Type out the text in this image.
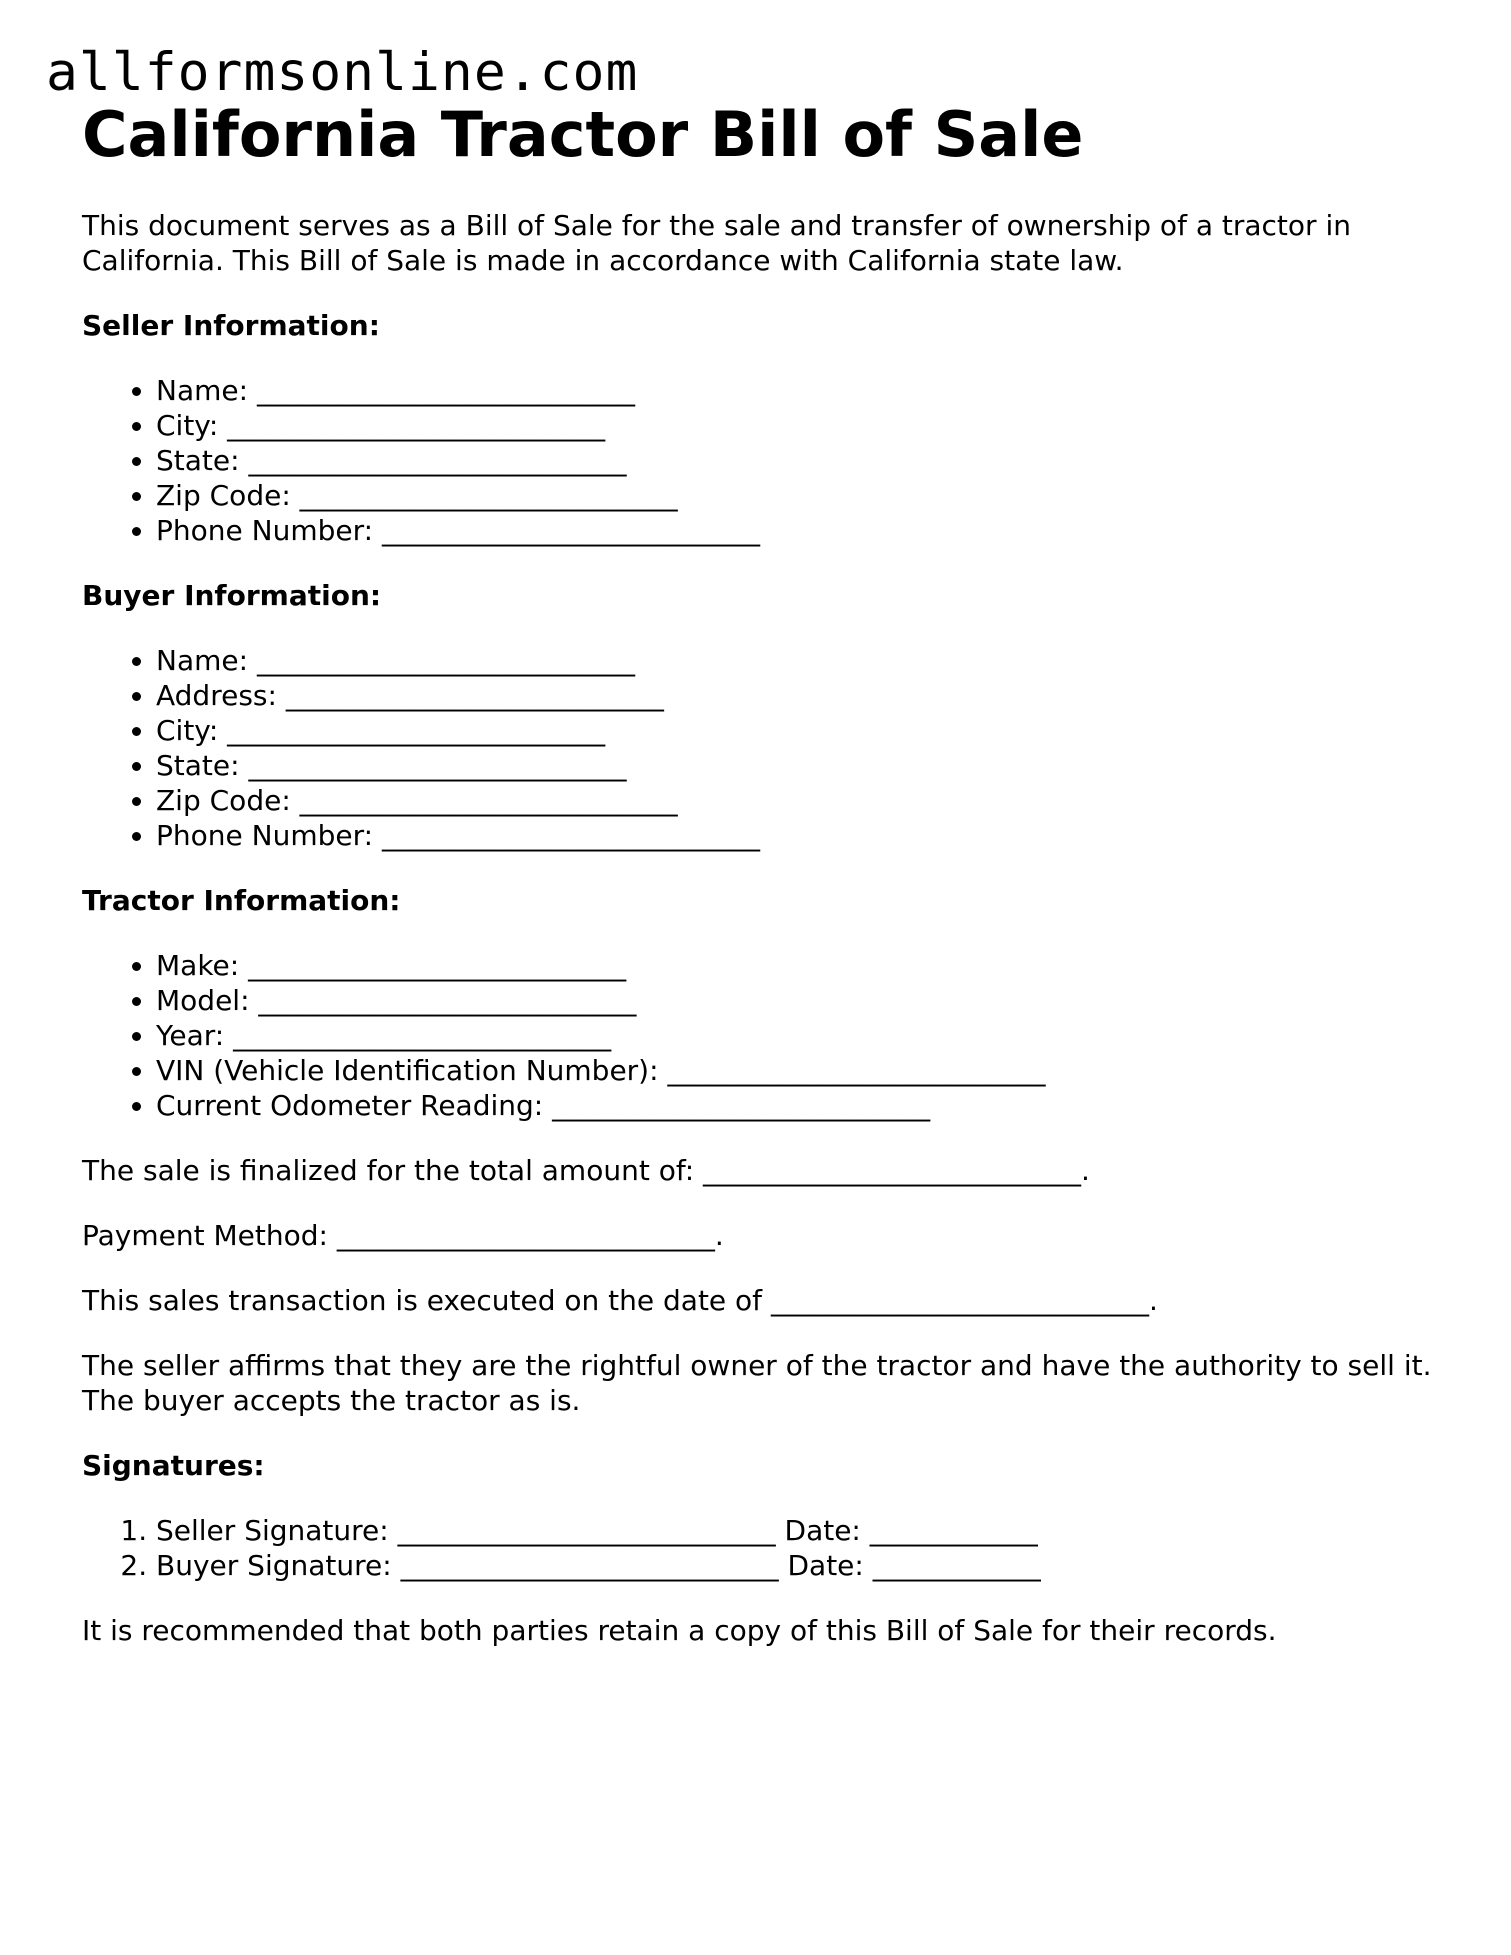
allformsonline.com
California Tractor Bill of Sale

This document serves as a Bill of Sale for the sale and transfer of ownership of a tractor in California. This Bill of Sale is made in accordance with California state law.

Seller Information:
• Name: ___________________________
• City: ___________________________
• State: ___________________________
• Zip Code: ___________________________
• Phone Number: ___________________________
Buyer Information:
• Name: ___________________________
• Address: ___________________________
• City: ___________________________
• State: ___________________________
• Zip Code: ___________________________
• Phone Number: ___________________________
Tractor Information:
• Make: ___________________________
• Model: ___________________________
• Year: ___________________________
• VIN (Vehicle Identification Number): ___________________________
• Current Odometer Reading: ___________________________

The sale is finalized for the total amount of: ___________________________.

Payment Method: ___________________________.

This sales transaction is executed on the date of ___________________________.

The seller affirms that they are the rightful owner of the tractor and have the authority to sell it. The buyer accepts the tractor as is.

Signatures:
1. Seller Signature: ___________________________ Date: ____________
2. Buyer Signature: ___________________________ Date: ____________

It is recommended that both parties retain a copy of this Bill of Sale for their records.
